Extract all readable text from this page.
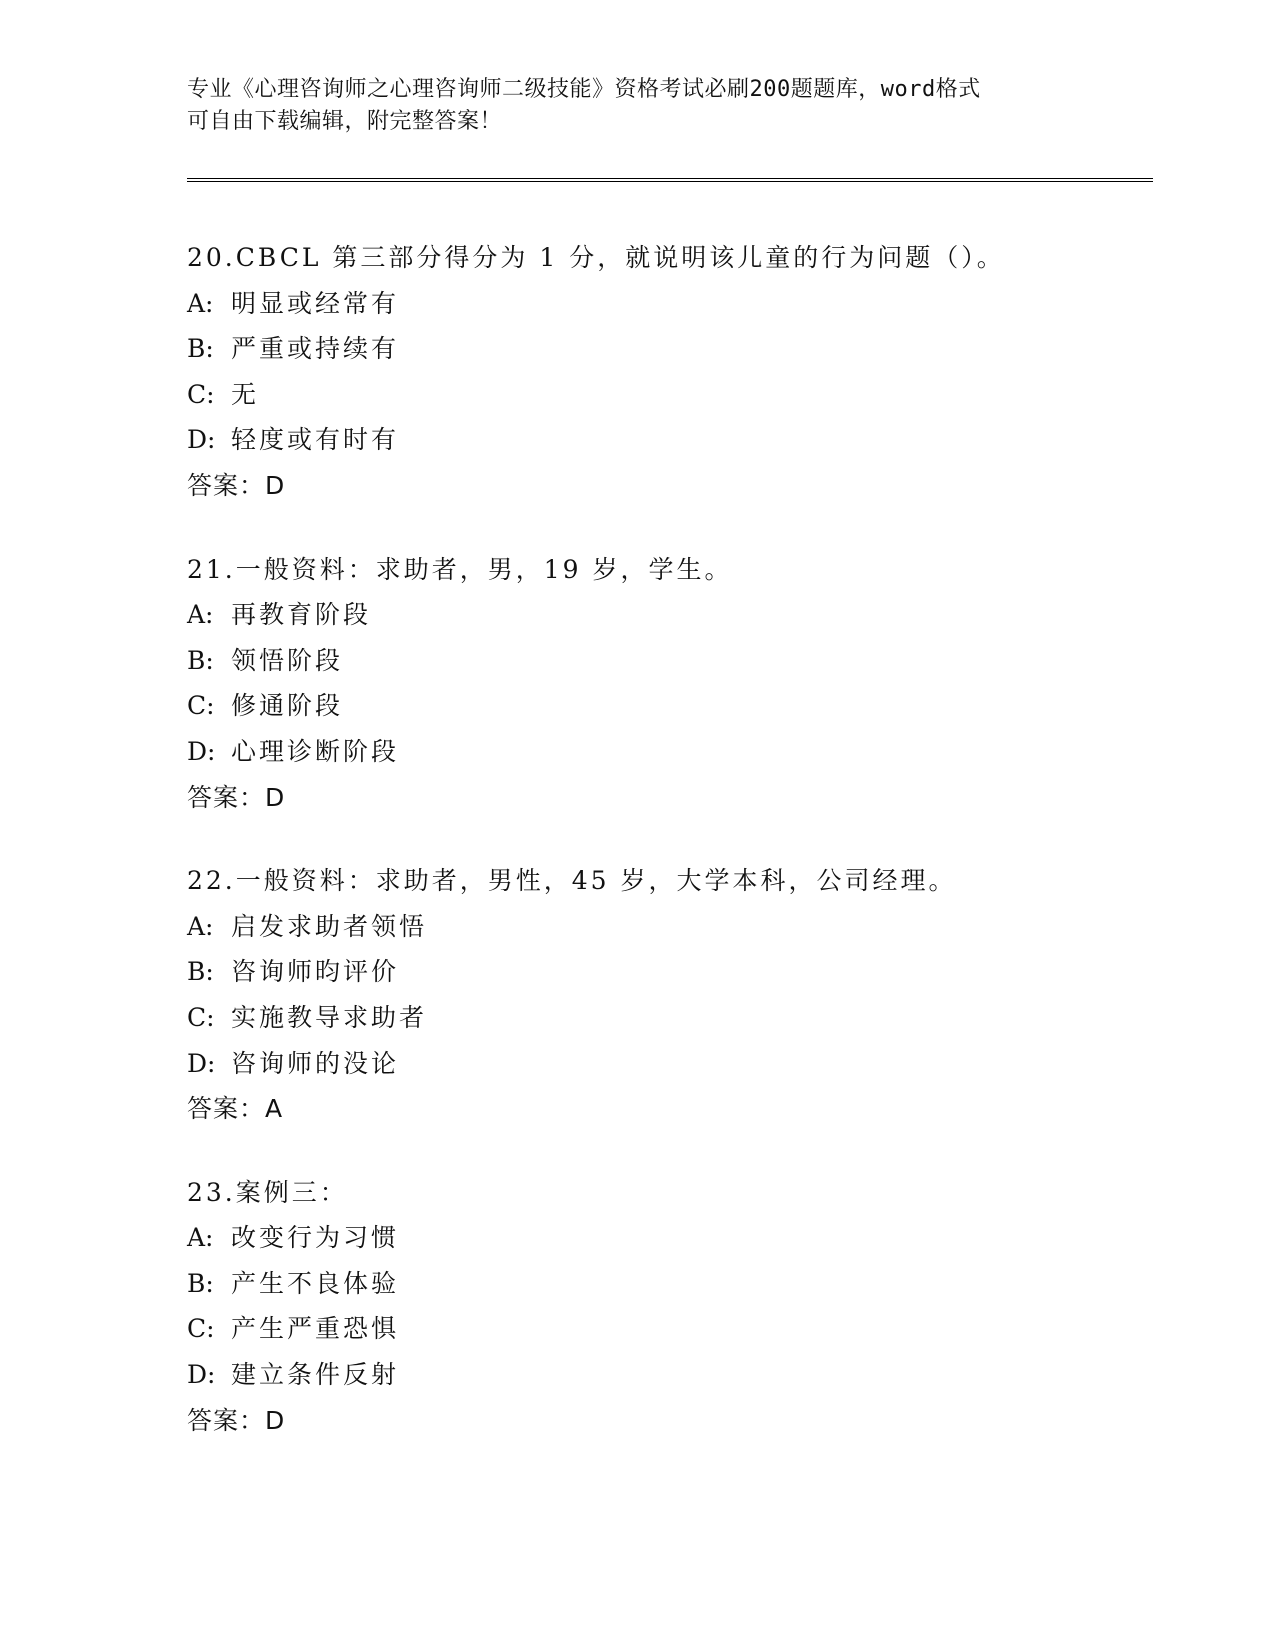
专业《心理咨询师之心理咨询师二级技能》资格考试必刷200题题库，word格式
可自由下载编辑，附完整答案！
20.CBCL 第三部分得分为 1 分，就说明该儿童的行为问题（）。
A: 明显或经常有
B: 严重或持续有
C: 无
D: 轻度或有时有
答案：D
21.一般资料：求助者，男，19 岁，学生。
A: 再教育阶段
B: 领悟阶段
C: 修通阶段
D: 心理诊断阶段
答案：D
22.一般资料：求助者，男性，45 岁，大学本科，公司经理。
A: 启发求助者领悟
B: 咨询师昀评价
C: 实施教导求助者
D: 咨询师的没论
答案：A
23.案例三：
A: 改变行为习惯
B: 产生不良体验
C: 产生严重恐惧
D: 建立条件反射
答案：D
